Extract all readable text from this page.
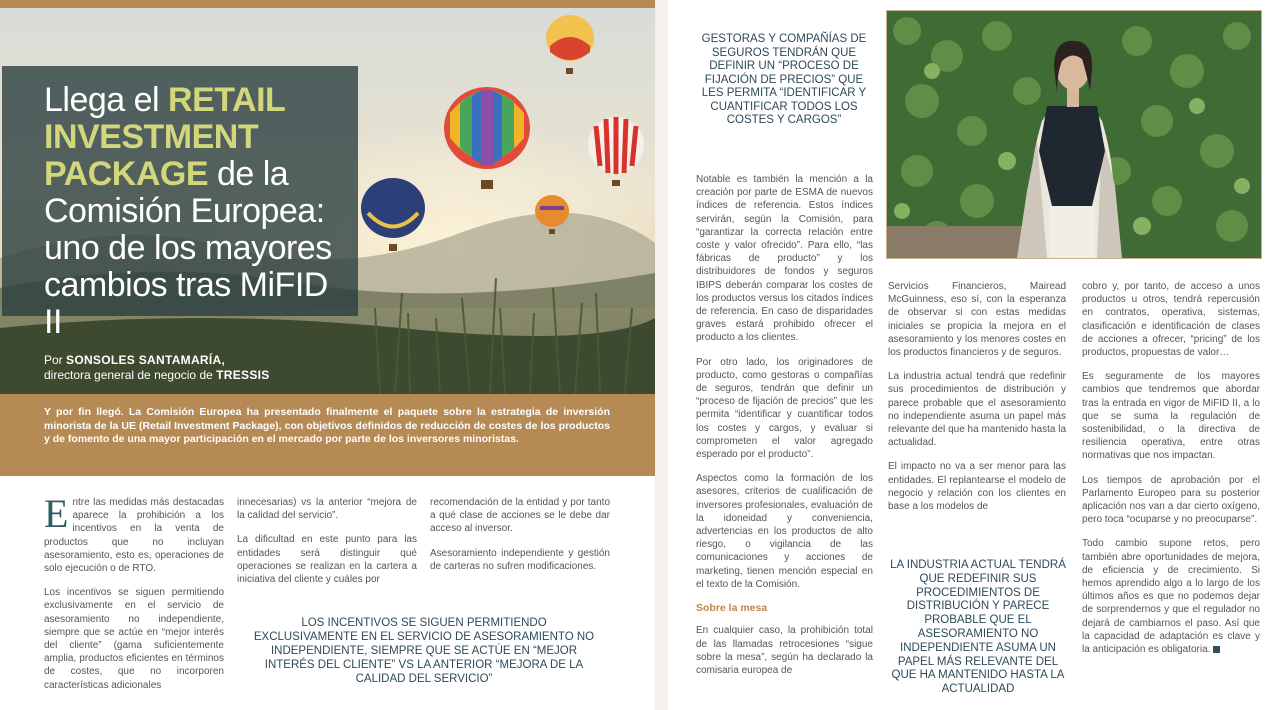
Llega el RETAIL INVESTMENT PACKAGE de la Comisión Europea: uno de los mayores cambios tras MiFID II
Por SONSOLES SANTAMARÍA,
directora general de negocio de TRESSIS

Y por fin llegó. La Comisión Europea ha presentado finalmente el paquete sobre la estrategia de inversión minorista de la UE (Retail Investment Package), con objetivos definidos de reducción de costes de los productos y de fomento de una mayor participación en el mercado por parte de los inversores minoristas.

Entre las medidas más destacadas aparece la prohibición a los incentivos en la venta de productos que no incluyan asesoramiento, esto es, operaciones de solo ejecución o de RTO.

Los incentivos se siguen permitiendo exclusivamente en el servicio de asesoramiento no independiente, siempre que se actúe en “mejor interés del cliente” (gama suficientemente amplia, productos eficientes en términos de costes, que no incorporen características adicionales

innecesarias) vs la anterior “mejora de la calidad del servicio”.

La dificultad en este punto para las entidades será distinguir qué operaciones se realizan en la cartera a iniciativa del cliente y cuáles por

recomendación de la entidad y por tanto a qué clase de acciones se le debe dar acceso al inversor.

Asesoramiento independiente y gestión de carteras no sufren modificaciones.

LOS INCENTIVOS SE SIGUEN PERMITIENDO EXCLUSIVAMENTE EN EL SERVICIO DE ASESORAMIENTO NO INDEPENDIENTE, SIEMPRE QUE SE ACTÚE EN “MEJOR INTERÉS DEL CLIENTE” VS LA ANTERIOR “MEJORA DE LA CALIDAD DEL SERVICIO”
GESTORAS Y COMPAÑÍAS DE SEGUROS TENDRÁN QUE DEFINIR UN “PROCESO DE FIJACIÓN DE PRECIOS” QUE LES PERMITA “IDENTIFICAR Y CUANTIFICAR TODOS LOS COSTES Y CARGOS”

Notable es también la mención a la creación por parte de ESMA de nuevos índices de referencia. Estos índices servirán, según la Comisión, para “garantizar la correcta relación entre coste y valor ofrecido”. Para ello, “las fábricas de producto” y los distribuidores de fondos y seguros IBIPS deberán comparar los costes de los productos versus los citados índices de referencia. En caso de disparidades graves estará prohibido ofrecer el producto a los clientes.

Por otro lado, los originadores de producto, como gestoras o compañías de seguros, tendrán que definir un “proceso de fijación de precios” que les permita “identificar y cuantificar todos los costes y cargos, y evaluar si comprometen el valor agregado esperado por el producto”.

Aspectos como la formación de los asesores, criterios de cualificación de inversores profesionales, evaluación de la idoneidad y conveniencia, advertencias en los productos de alto riesgo, o vigilancia de las comunicaciones y acciones de marketing, tienen mención especial en el texto de la Comisión.

Sobre la mesa

En cualquier caso, la prohibición total de las llamadas retrocesiones “sigue sobre la mesa”, según ha declarado la comisaria europea de

Servicios Financieros, Mairead McGuinness, eso sí, con la esperanza de observar si con estas medidas iniciales se propicia la mejora en el asesoramiento y los menores costes en los productos financieros y de seguros.

La industria actual tendrá que redefinir sus procedimientos de distribución y parece probable que el asesoramiento no independiente asuma un papel más relevante del que ha mantenido hasta la actualidad.

El impacto no va a ser menor para las entidades. El replantearse el modelo de negocio y relación con los clientes en base a los modelos de

LA INDUSTRIA ACTUAL TENDRÁ QUE REDEFINIR SUS PROCEDIMIENTOS DE DISTRIBUCIÓN Y PARECE PROBABLE QUE EL ASESORAMIENTO NO INDEPENDIENTE ASUMA UN PAPEL MÁS RELEVANTE DEL QUE HA MANTENIDO HASTA LA ACTUALIDAD

cobro y, por tanto, de acceso a unos productos u otros, tendrá repercusión en contratos, operativa, sistemas, clasificación e identificación de clases de acciones a ofrecer, “pricing” de los productos, propuestas de valor…

Es seguramente de los mayores cambios que tendremos que abordar tras la entrada en vigor de MiFID II, a lo que se suma la regulación de sostenibilidad, o la directiva de resiliencia operativa, entre otras normativas que nos impactan.

Los tiempos de aprobación por el Parlamento Europeo para su posterior aplicación nos van a dar cierto oxígeno, pero toca “ocuparse y no preocuparse”.

Todo cambio supone retos, pero también abre oportunidades de mejora, de eficiencia y de crecimiento. Si hemos aprendido algo a lo largo de los últimos años es que no podemos dejar de sorprendernos y que el regulador no dejará de cambiarnos el paso. Así que la capacidad de adaptación es clave y la anticipación es obligatoria.
